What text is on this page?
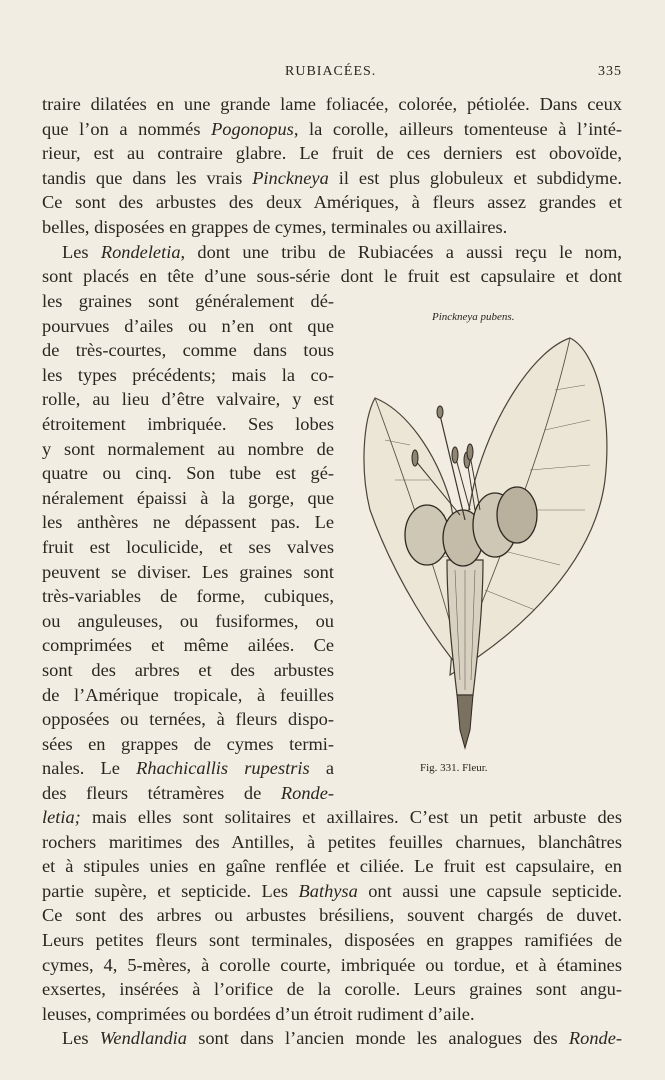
RUBIACÉES.	335
traire dilatées en une grande lame foliacée, colorée, pétiolée. Dans ceux
que l’on a nommés Pogonopus, la corolle, ailleurs tomenteuse à l’inté-
rieur, est au contraire glabre. Le fruit de ces derniers est obovoïde,
tandis que dans les vrais Pinckneya il est plus globuleux et subdidyme.
Ce sont des arbustes des deux Amériques, à fleurs assez grandes et
belles, disposées en grappes de cymes, terminales ou axillaires.
Les Rondeletia, dont une tribu de Rubiacées a aussi reçu le nom,
sont placés en tête d’une sous-série dont le fruit est capsulaire et dont
les graines sont généralement dé-
pourvues d’ailes ou n’en ont que
de très-courtes, comme dans tous
les types précédents; mais la co-
rolle, au lieu d’être valvaire, y est
étroitement imbriquée. Ses lobes
y sont normalement au nombre de
quatre ou cinq. Son tube est gé-
néralement épaissi à la gorge, que
les anthères ne dépassent pas. Le
fruit est loculicide, et ses valves
peuvent se diviser. Les graines sont
très-variables de forme, cubiques,
ou anguleuses, ou fusiformes, ou
comprimées et même ailées. Ce
sont des arbres et des arbustes
de l’Amérique tropicale, à feuilles
opposées ou ternées, à fleurs dispo-
sées en grappes de cymes termi-
nales. Le Rhachicallis rupestris a
des fleurs tétramères de Ronde-
letia; mais elles sont solitaires et axillaires. C’est un petit arbuste des
rochers maritimes des Antilles, à petites feuilles charnues, blanchâtres
et à stipules unies en gaîne renflée et ciliée. Le fruit est capsulaire, en
partie supère, et septicide. Les Bathysa ont aussi une capsule septicide.
Ce sont des arbres ou arbustes brésiliens, souvent chargés de duvet.
Leurs petites fleurs sont terminales, disposées en grappes ramifiées de
cymes, 4, 5-mères, à corolle courte, imbriquée ou tordue, et à étamines
exsertes, insérées à l’orifice de la corolle. Leurs graines sont angu-
leuses, comprimées ou bordées d’un étroit rudiment d’aile.
Les Wendlandia sont dans l’ancien monde les analogues des Ronde-
Pinckneya pubens.
Fig. 331. Fleur.
